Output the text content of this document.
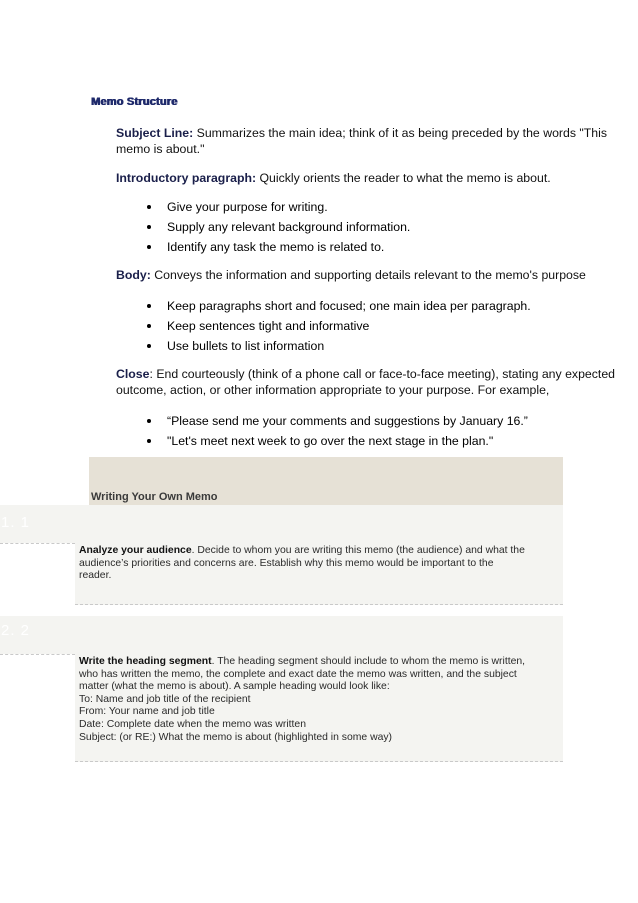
Memo Structure
Subject Line: Summarizes the main idea; think of it as being preceded by the words "This
memo is about."
Introductory paragraph: Quickly orients the reader to what the memo is about.
Give your purpose for writing.
Supply any relevant background information.
Identify any task the memo is related to.
Body: Conveys the information and supporting details relevant to the memo's purpose
Keep paragraphs short and focused; one main idea per paragraph.
Keep sentences tight and informative
Use bullets to list information
Close: End courteously (think of a phone call or face-to-face meeting), stating any expected
outcome, action, or other information appropriate to your purpose. For example,
“Please send me your comments and suggestions by January 16.”
"Let's meet next week to go over the next stage in the plan."
Writing Your Own Memo
1. 1
Analyze your audience. Decide to whom you are writing this memo (the audience) and what the
audience’s priorities and concerns are. Establish why this memo would be important to the
reader.
2. 2
Write the heading segment. The heading segment should include to whom the memo is written,
who has written the memo, the complete and exact date the memo was written, and the subject
matter (what the memo is about). A sample heading would look like:
To: Name and job title of the recipient
From: Your name and job title
Date: Complete date when the memo was written
Subject: (or RE:) What the memo is about (highlighted in some way)
